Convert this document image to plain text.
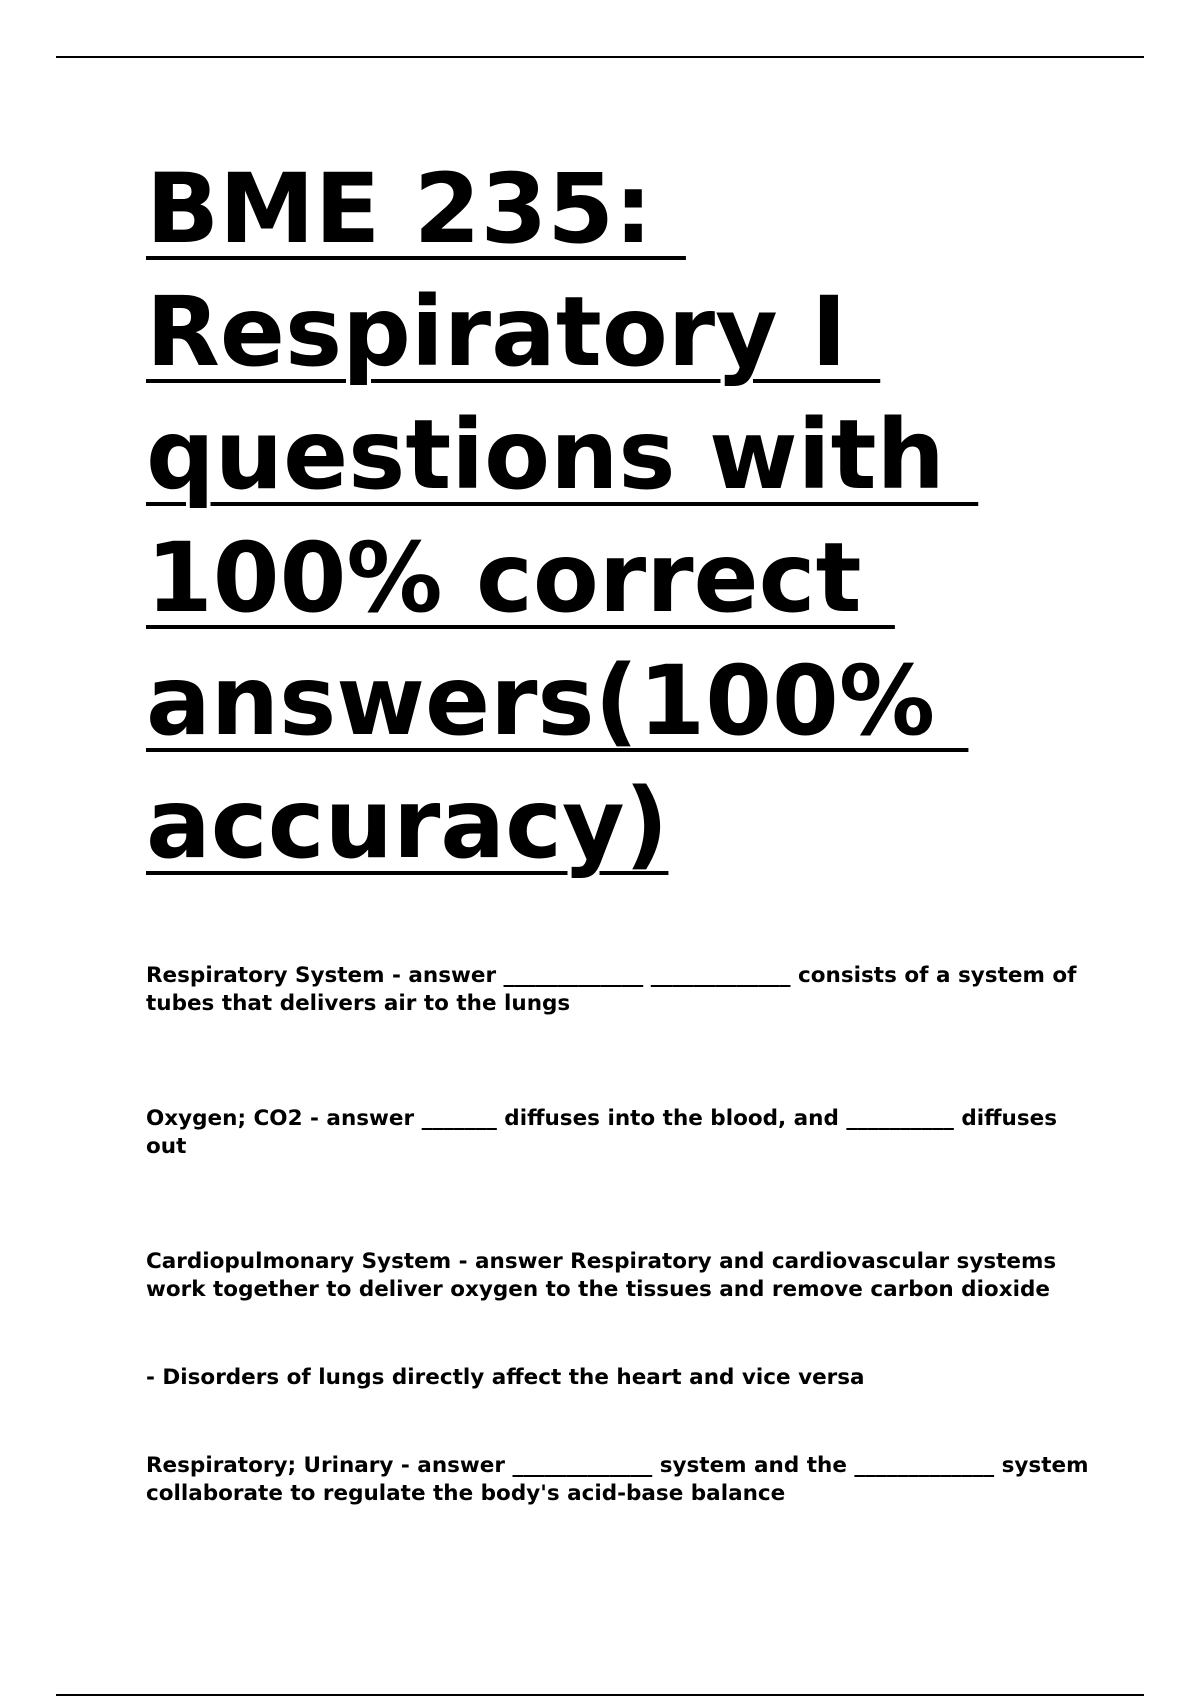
BME 235:
Respiratory I
questions with
100% correct
answers(100%
accuracy)

Respiratory System - answer _____________ _____________ consists of a system of tubes that delivers air to the lungs

Oxygen; CO2 - answer _______ diffuses into the blood, and __________ diffuses out

Cardiopulmonary System - answer Respiratory and cardiovascular systems work together to deliver oxygen to the tissues and remove carbon dioxide

- Disorders of lungs directly affect the heart and vice versa

Respiratory; Urinary - answer _____________ system and the _____________ system collaborate to regulate the body's acid-base balance
